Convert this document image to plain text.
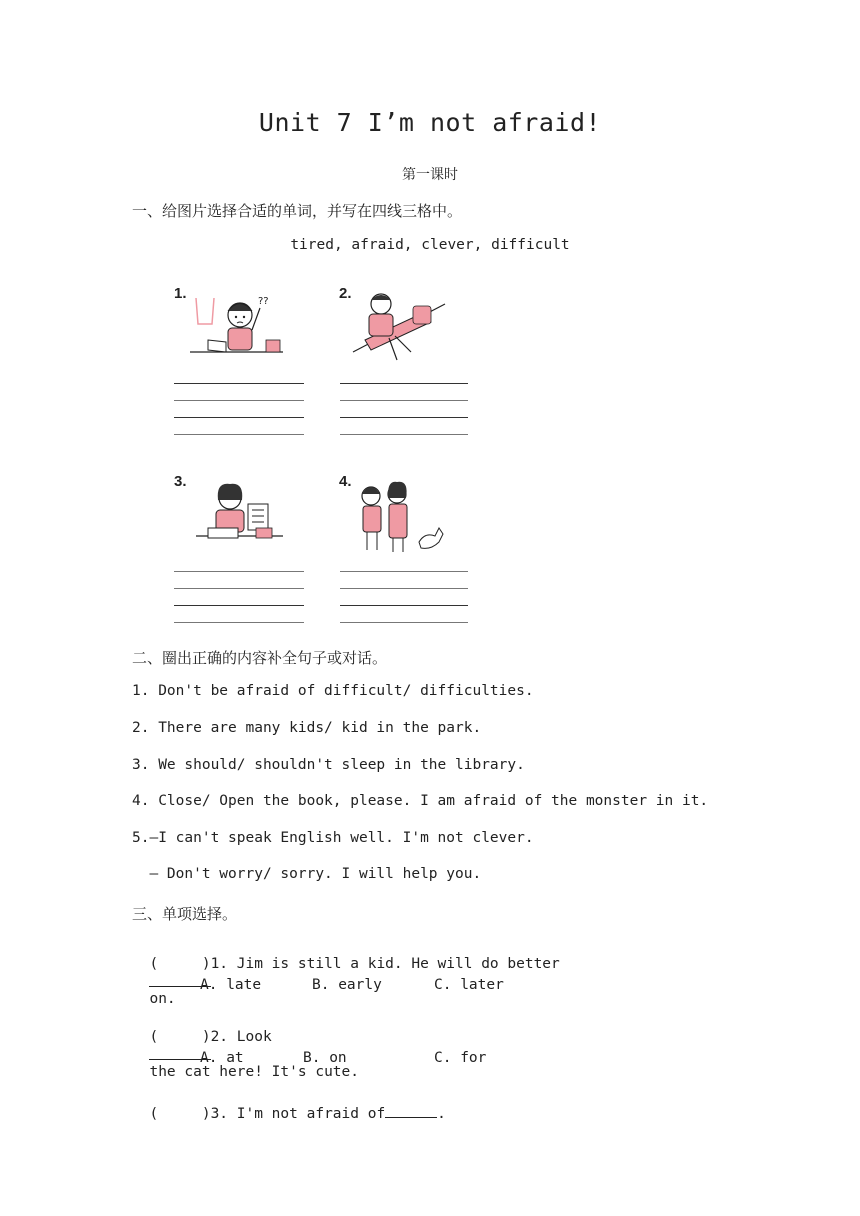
Unit 7 I’m not afraid!
第一课时
一、给图片选择合适的单词，并写在四线三格中。
tired, afraid, clever, difficult
1.	??	2.
3.	4.
二、圈出正确的内容补全句子或对话。
1. Don't be afraid of difficult/ difficulties.
2. There are many kids/ kid in the park.
3. We should/ shouldn't sleep in the library.
4. Close/ Open the book, please. I am afraid of the monster in it.
5.—I can't speak English well. I'm not clever.
— Don't worry/ sorry. I will help you.
三、单项选择。

(     )1. Jim is still a kid. He will do better

on.

A. late	B. early	C. later

(     )2. Look

the cat here! It's cute.

A. at	B. on	C. for

(     )3. I'm not afraid of	.
